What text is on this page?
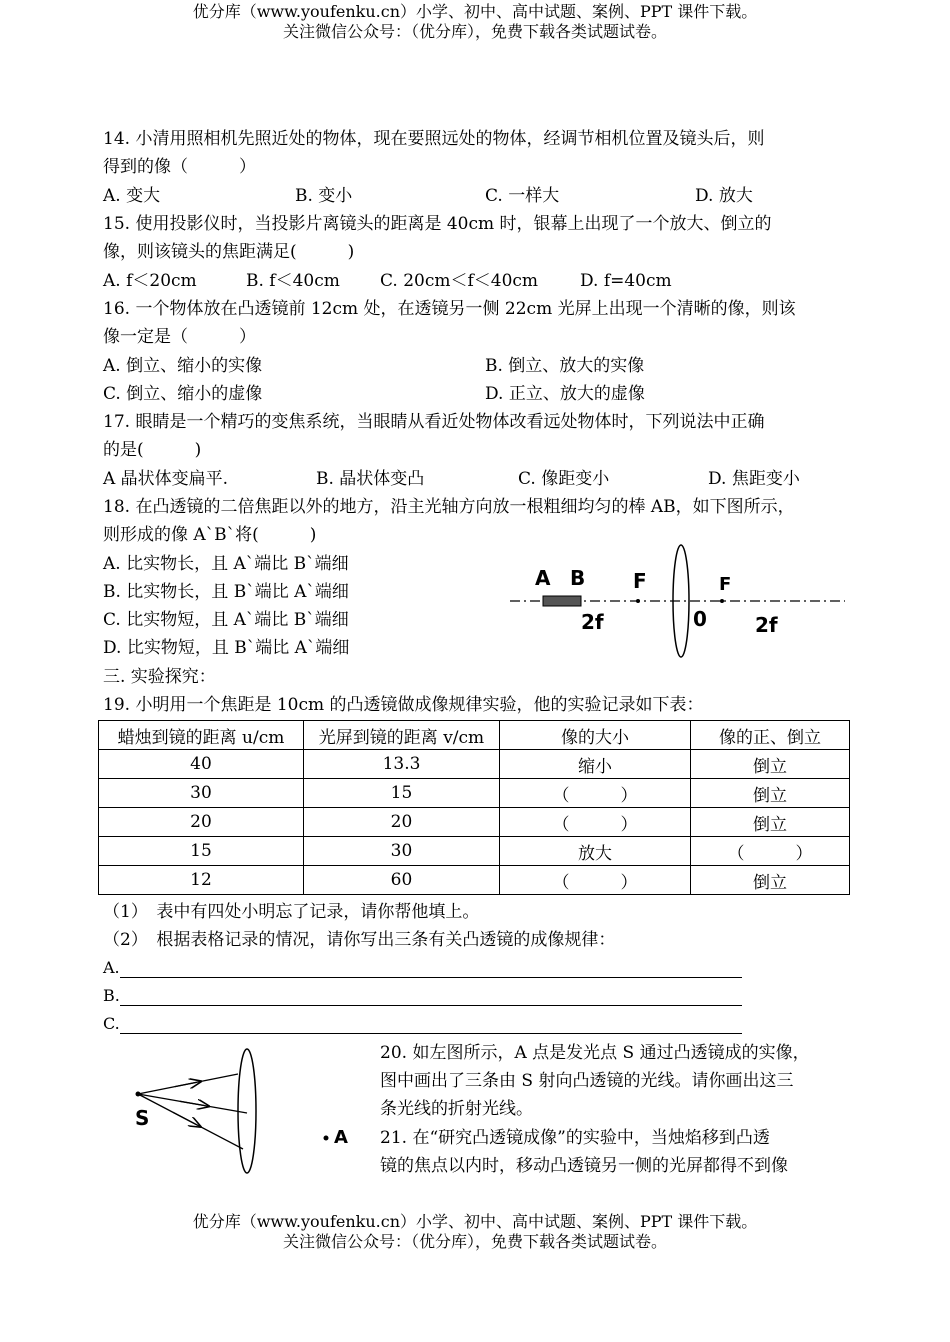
优分库（www.youfenku.cn）小学、初中、高中试题、案例、PPT 课件下载。
关注微信公众号：（优分库），免费下载各类试题试卷。
14. 小清用照相机先照近处的物体，现在要照远处的物体，经调节相机位置及镜头后，则
得到的像（　　　）
A. 变大	B. 变小	C. 一样大	D. 放大
15. 使用投影仪时，当投影片离镜头的距离是 40cm 时，银幕上出现了一个放大、倒立的
像，则该镜头的焦距满足(　　　)
A. f＜20cm	B. f＜40cm C. 20cm＜f＜40cm D. f=40cm
16. 一个物体放在凸透镜前 12cm 处，在透镜另一侧 22cm 光屏上出现一个清晰的像，则该
像一定是（　　　）
A. 倒立、缩小的实像	B. 倒立、放大的实像
C. 倒立、缩小的虚像	D. 正立、放大的虚像
17. 眼睛是一个精巧的变焦系统，当眼睛从看近处物体改看远处物体时，下列说法中正确
的是(　　　)
A 晶状体变扁平.	B. 晶状体变凸	C. 像距变小	D. 焦距变小
18. 在凸透镜的二倍焦距以外的地方，沿主光轴方向放一根粗细均匀的棒 AB，如下图所示，
则形成的像 A`B`将(　　　)
A. 比实物长，且 A`端比 B`端细
B. 比实物长，且 B`端比 A`端细
C. 比实物短，且 A`端比 B`端细
D. 比实物短，且 B`端比 A`端细
A B F	F
2f	0 2f
三. 实验探究：
19. 小明用一个焦距是 10cm 的凸透镜做成像规律实验，他的实验记录如下表：
蜡烛到镜的距离 u/cm	光屏到镜的距离 v/cm	像的大小	像的正、倒立
40	13.3	缩小	倒立
30	15	（　　　）	倒立
20	20	（　　　）	倒立
15	30	放大	（　　　）
12	60	（　　　）	倒立
（1）　表中有四处小明忘了记录，请你帮他填上。
（2）　根据表格记录的情况，请你写出三条有关凸透镜的成像规律：
A.
B.
C.
S
A
20. 如左图所示，A 点是发光点 S 通过凸透镜成的实像，
图中画出了三条由 S 射向凸透镜的光线。请你画出这三
条光线的折射光线。
21. 在“研究凸透镜成像”的实验中，当烛焰移到凸透
镜的焦点以内时，移动凸透镜另一侧的光屏都得不到像
优分库（www.youfenku.cn）小学、初中、高中试题、案例、PPT 课件下载。
关注微信公众号：（优分库），免费下载各类试题试卷。
